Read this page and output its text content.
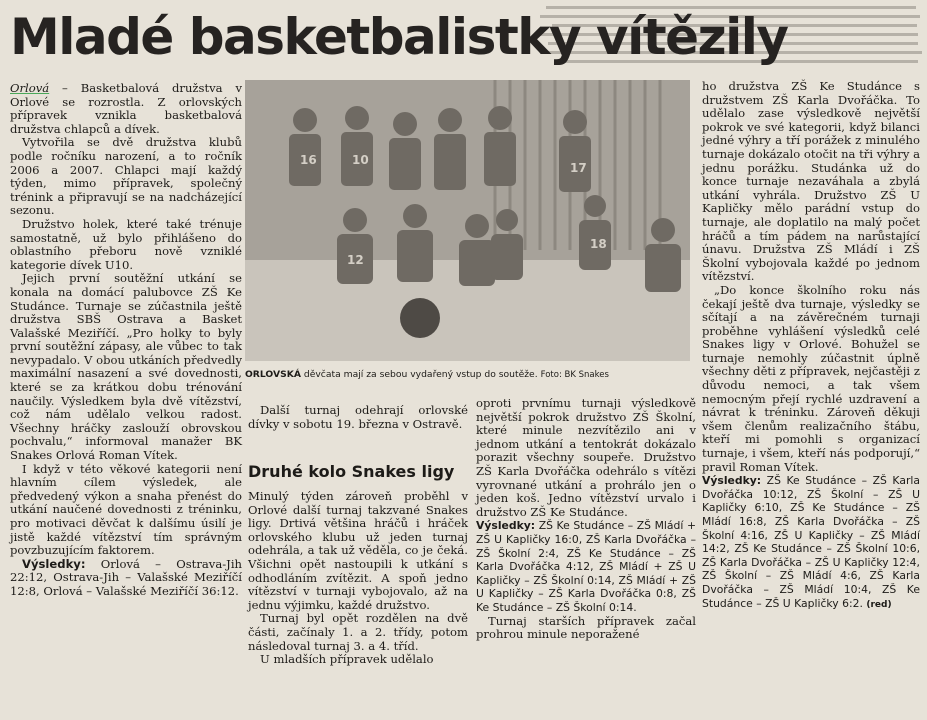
Mladé basketbalistky vítězily

Orlová – Basketbalová družstva v Orlové se rozrostla. Z orlovských přípravek vznikla basketbalová družstva chlapců a dívek.

Vytvořila se dvě družstva klubů podle ročníku narození, a to ročník 2006 a 2007. Chlapci mají každý týden, mimo přípravek, společný trénink a připravují se na nadcházející sezonu.

Družstvo holek, které také trénuje samostatně, už bylo přihlášeno do oblastního přeboru nově vzniklé kategorie dívek U10.

Jejich první soutěžní utkání se konala na domácí palubovce ZŠ Ke Studánce. Turnaje se zúčastnila ještě družstva SBŠ Ostrava a Basket Valašské Meziříčí. „Pro holky to byly první soutěžní zápasy, ale vůbec to tak nevypadalo. V obou utkáních předvedly maximální nasazení a své dovednosti, které se za krátkou dobu trénování naučily. Výsledkem byla dvě vítězství, což nám udělalo velkou radost. Všechny hráčky zaslouží obrovskou pochvalu,“ informoval manažer BK Snakes Orlová Roman Vítek.

I když v této věkové kategorii není hlavním cílem výsledek, ale předvedený výkon a snaha přenést do utkání naučené dovednosti z tréninku, pro motivaci děvčat k dalšímu úsilí je jistě každé vítězství tím správným povzbuzujícím faktorem.

Výsledky: Orlová – Ostrava-Jih 22:12, Ostrava-Jih – Valašské Meziříčí 12:8, Orlová – Valašské Meziříčí 36:12.

16	10
17
12
18
ORLOVSKÁ děvčata mají za sebou vydařený vstup do soutěže. Foto: BK Snakes

Další turnaj odehrají orlovské dívky v sobotu 19. března v Ostravě.

Druhé kolo Snakes ligy

Minulý týden zároveň proběhl v Orlové další turnaj takzvané Snakes ligy. Drtivá většina hráčů i hráček orlovského klubu už jeden turnaj odehrála, a tak už věděla, co je čeká. Všichni opět nastoupili k utkání s odhodláním zvítězit. A spoň jedno vítězství v turnaji vybojovalo, až na jednu výjimku, každé družstvo.

Turnaj byl opět rozdělen na dvě části, začínaly 1. a 2. třídy, potom následoval turnaj 3. a 4. tříd.

U mladších přípravek udělalo

oproti prvnímu turnaji výsledkově největší pokrok družstvo ZŠ Školní, které minule nezvítězilo ani v jednom utkání a tentokrát dokázalo porazit všechny soupeře. Družstvo ZŠ Karla Dvořáčka odehrálo s vítězi vyrovnané utkání a prohrálo jen o jeden koš. Jedno vítězství urvalo i družstvo ZŠ Ke Studánce.

Výsledky: ZŠ Ke Studánce – ZŠ Mládí + ZŠ U Kapličky 16:0, ZŠ Karla Dvořáčka – ZŠ Školní 2:4, ZŠ Ke Studánce – ZŠ Karla Dvořáčka 4:12, ZŠ Mládí + ZŠ U Kapličky – ZŠ Školní 0:14, ZŠ Mládí + ZŠ U Kapličky – ZŠ Karla Dvořáčka 0:8, ZŠ Ke Studánce – ZŠ Školní 0:14.

Turnaj starších přípravek začal prohrou minule neporažené

ho družstva ZŠ Ke Studánce s družstvem ZŠ Karla Dvořáčka. To udělalo zase výsledkově největší pokrok ve své kategorii, když bilanci jedné výhry a tří porážek z minulého turnaje dokázalo otočit na tři výhry a jednu porážku. Studánka už do konce turnaje nezaváhala a zbylá utkání vyhrála. Družstvo ZŠ U Kapličky mělo parádní vstup do turnaje, ale doplatilo na malý počet hráčů a tím pádem na narůstající únavu. Družstva ZŠ Mládí i ZŠ Školní vybojovala každé po jednom vítězství.

„Do konce školního roku nás čekají ještě dva turnaje, výsledky se sčítají a na závěrečném turnaji proběhne vyhlášení výsledků celé Snakes ligy v Orlové. Bohužel se turnaje nemohly zúčastnit úplně všechny děti z přípravek, nejčastěji z důvodu nemoci, a tak všem nemocným přejí rychlé uzdravení a návrat k tréninku. Zároveň děkuji všem členům realizačního štábu, kteří mi pomohli s organizací turnaje, i všem, kteří nás podporují,“ pravil Roman Vítek.

Výsledky: ZŠ Ke Studánce – ZŠ Karla Dvořáčka 10:12, ZŠ Školní – ZŠ U Kapličky 6:10, ZŠ Ke Studánce – ZŠ Mládí 16:8, ZŠ Karla Dvořáčka – ZŠ Školní 4:16, ZŠ U Kapličky – ZŠ Mládí 14:2, ZŠ Ke Studánce – ZŠ Školní 10:6, ZŠ Karla Dvořáčka – ZŠ U Kapličky 12:4, ZŠ Školní – ZŠ Mládí 4:6, ZŠ Karla Dvořáčka – ZŠ Mládí 10:4, ZŠ Ke Studánce – ZŠ U Kapličky 6:2. (red)
